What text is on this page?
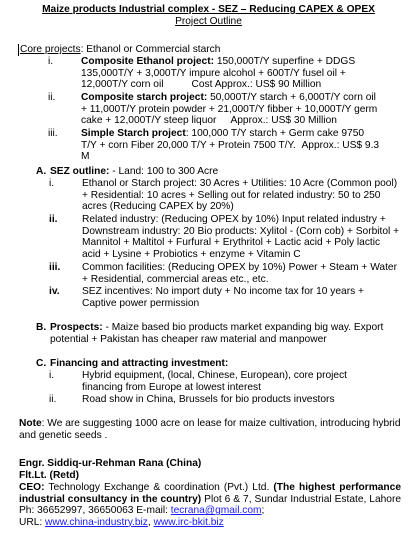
Maize products Industrial complex - SEZ – Reducing CAPEX & OPEX
Project Outline
Core projects: Ethanol or Commercial starch
i.	Composite Ethanol project: 150,000T/Y superfine + DDGS 135,000T/Y + 3,000T/Y impure alcohol + 600T/Y fusel oil + 12,000T/Y corn oil	Cost Approx.: US$ 90 Million
ii.	Composite starch project: 50,000T/Y starch + 6,000T/Y corn oil + 11,000T/Y protein powder + 21,000T/Y fibber + 10,000T/Y germ cake + 12,000T/Y steep liquor Approx.: US$ 30 Million
iii.	Simple Starch project: 100,000 T/Y starch + Germ cake 9750 T/Y + corn Fiber 20,000 T/Y + Protein 7500 T/Y. Approx.: US$ 9.3 M
A. SEZ outline: - Land: 100 to 300 Acre
i.	Ethanol or Starch project: 30 Acres + Utilities: 10 Acre (Common pool) + Residential: 10 acres + Selling out for related industry: 50 to 250 acres (Reducing CAPEX by 20%)
ii.	Related industry: (Reducing OPEX by 10%) Input related industry + Downstream industry: 20 Bio products: Xylitol - (Corn cob) + Sorbitol + Mannitol + Maltitol + Furfural + Erythritol + Lactic acid + Poly lactic acid + Lysine + Probiotics + enzyme + Vitamin C
iii.	Common facilities: (Reducing OPEX by 10%) Power + Steam + Water + Residential, commercial areas etc., etc.
iv.	SEZ incentives: No import duty + No income tax for 10 years + Captive power permission
B. Prospects: - Maize based bio products market expanding big way. Export potential + Pakistan has cheaper raw material and manpower
C. Financing and attracting investment:
i.	Hybrid equipment, (local, Chinese, European), core project financing from Europe at lowest interest
ii.	Road show in China, Brussels for bio products investors
Note: We are suggesting 1000 acre on lease for maize cultivation, introducing hybrid and genetic seeds .
Engr. Siddiq-ur-Rehman Rana (China)
Flt.Lt. (Retd)
CEO: Technology Exchange & coordination (Pvt.) Ltd. (The highest performance industrial consultancy in the country) Plot 6 & 7, Sundar Industrial Estate, Lahore Ph: 36652997, 36650063 E-mail: tecrana@gmail.com;
URL: www.china-industry.biz, www.irc-bkit.biz
